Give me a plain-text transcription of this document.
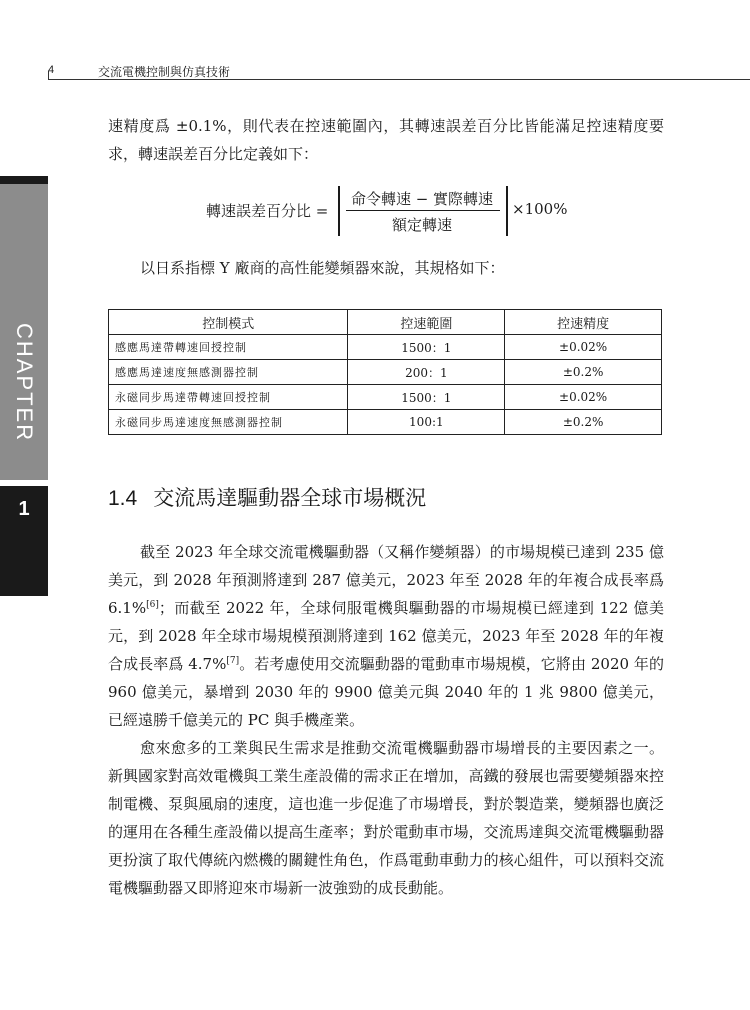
4	交流電機控制與仿真技術
CHAPTER
1

速精度爲 ±0.1%，則代表在控速範圍內，其轉速誤差百分比皆能滿足控速精度要求，轉速誤差百分比定義如下：

轉速誤差百分比 =
命令轉速 − 實際轉速
額定轉速
×100%

以日系指標 Y 廠商的高性能變頻器來說，其規格如下：

控制模式	控速範圍	控速精度
感應馬達帶轉速回授控制	1500：1	±0.02%
感應馬達速度無感測器控制	200：1	±0.2%
永磁同步馬達帶轉速回授控制	1500：1	±0.02%
永磁同步馬達速度無感測器控制	100:1	±0.2%
1.4 交流馬達驅動器全球市場概況

截至 2023 年全球交流電機驅動器（又稱作變頻器）的市場規模已達到 235 億美元，到 2028 年預測將達到 287 億美元，2023 年至 2028 年的年複合成長率爲 6.1%[6]；而截至 2022 年，全球伺服電機與驅動器的市場規模已經達到 122 億美元，到 2028 年全球市場規模預測將達到 162 億美元，2023 年至 2028 年的年複合成長率爲 4.7%[7]。若考慮使用交流驅動器的電動車市場規模，它將由 2020 年的 960 億美元，暴增到 2030 年的 9900 億美元與 2040 年的 1 兆 9800 億美元，已經遠勝千億美元的 PC 與手機產業。

愈來愈多的工業與民生需求是推動交流電機驅動器市場增長的主要因素之一。新興國家對高效電機與工業生產設備的需求正在增加，高鐵的發展也需要變頻器來控制電機、泵與風扇的速度，這也進一步促進了市場增長，對於製造業，變頻器也廣泛的運用在各種生產設備以提高生產率；對於電動車市場，交流馬達與交流電機驅動器更扮演了取代傳統內燃機的關鍵性角色，作爲電動車動力的核心組件，可以預料交流電機驅動器又即將迎來市場新一波強勁的成長動能。
